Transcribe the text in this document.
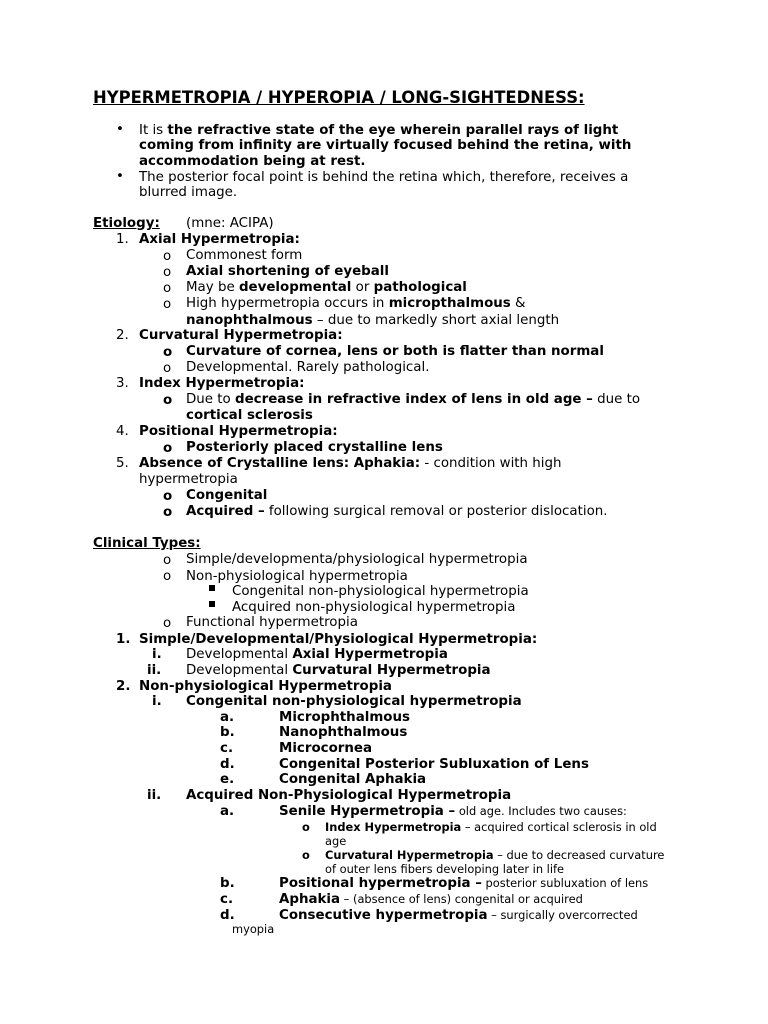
HYPERMETROPIA / HYPEROPIA / LONG-SIGHTEDNESS:
• It is the refractive state of the eye wherein parallel rays of light
coming from infinity are virtually focused behind the retina, with
accommodation being at rest.
• The posterior focal point is behind the retina which, therefore, receives a
blurred image.
Etiology: (mne: ACIPA)
1. Axial Hypermetropia:
o Commonest form
o Axial shortening of eyeball
o May be developmental or pathological
o High hypermetropia occurs in micropthalmous &
nanophthalmous – due to markedly short axial length
2. Curvatural Hypermetropia:
o Curvature of cornea, lens or both is flatter than normal
o Developmental. Rarely pathological.
3. Index Hypermetropia:
o Due to decrease in refractive index of lens in old age – due to
cortical sclerosis
4. Positional Hypermetropia:
o Posteriorly placed crystalline lens
5. Absence of Crystalline lens: Aphakia: - condition with high
hypermetropia
o Congenital
o Acquired – following surgical removal or posterior dislocation.
Clinical Types:
o Simple/developmenta/physiological hypermetropia
o Non-physiological hypermetropia
Congenital non-physiological hypermetropia
Acquired non-physiological hypermetropia
o Functional hypermetropia
1. Simple/Developmental/Physiological Hypermetropia:
i. Developmental Axial Hypermetropia
ii. Developmental Curvatural Hypermetropia
2. Non-physiological Hypermetropia
i. Congenital non-physiological hypermetropia
a.	Microphthalmous
b.	Nanophthalmous
c.	Microcornea
d.	Congenital Posterior Subluxation of Lens
e.	Congenital Aphakia
ii. Acquired Non-Physiological Hypermetropia
a.	Senile Hypermetropia – old age. Includes two causes:
o Index Hypermetropia – acquired cortical sclerosis in old
age
o Curvatural Hypermetropia – due to decreased curvature
of outer lens fibers developing later in life
b.	Positional hypermetropia – posterior subluxation of lens
c.	Aphakia – (absence of lens) congenital or acquired
d.	Consecutive hypermetropia – surgically overcorrected
myopia
